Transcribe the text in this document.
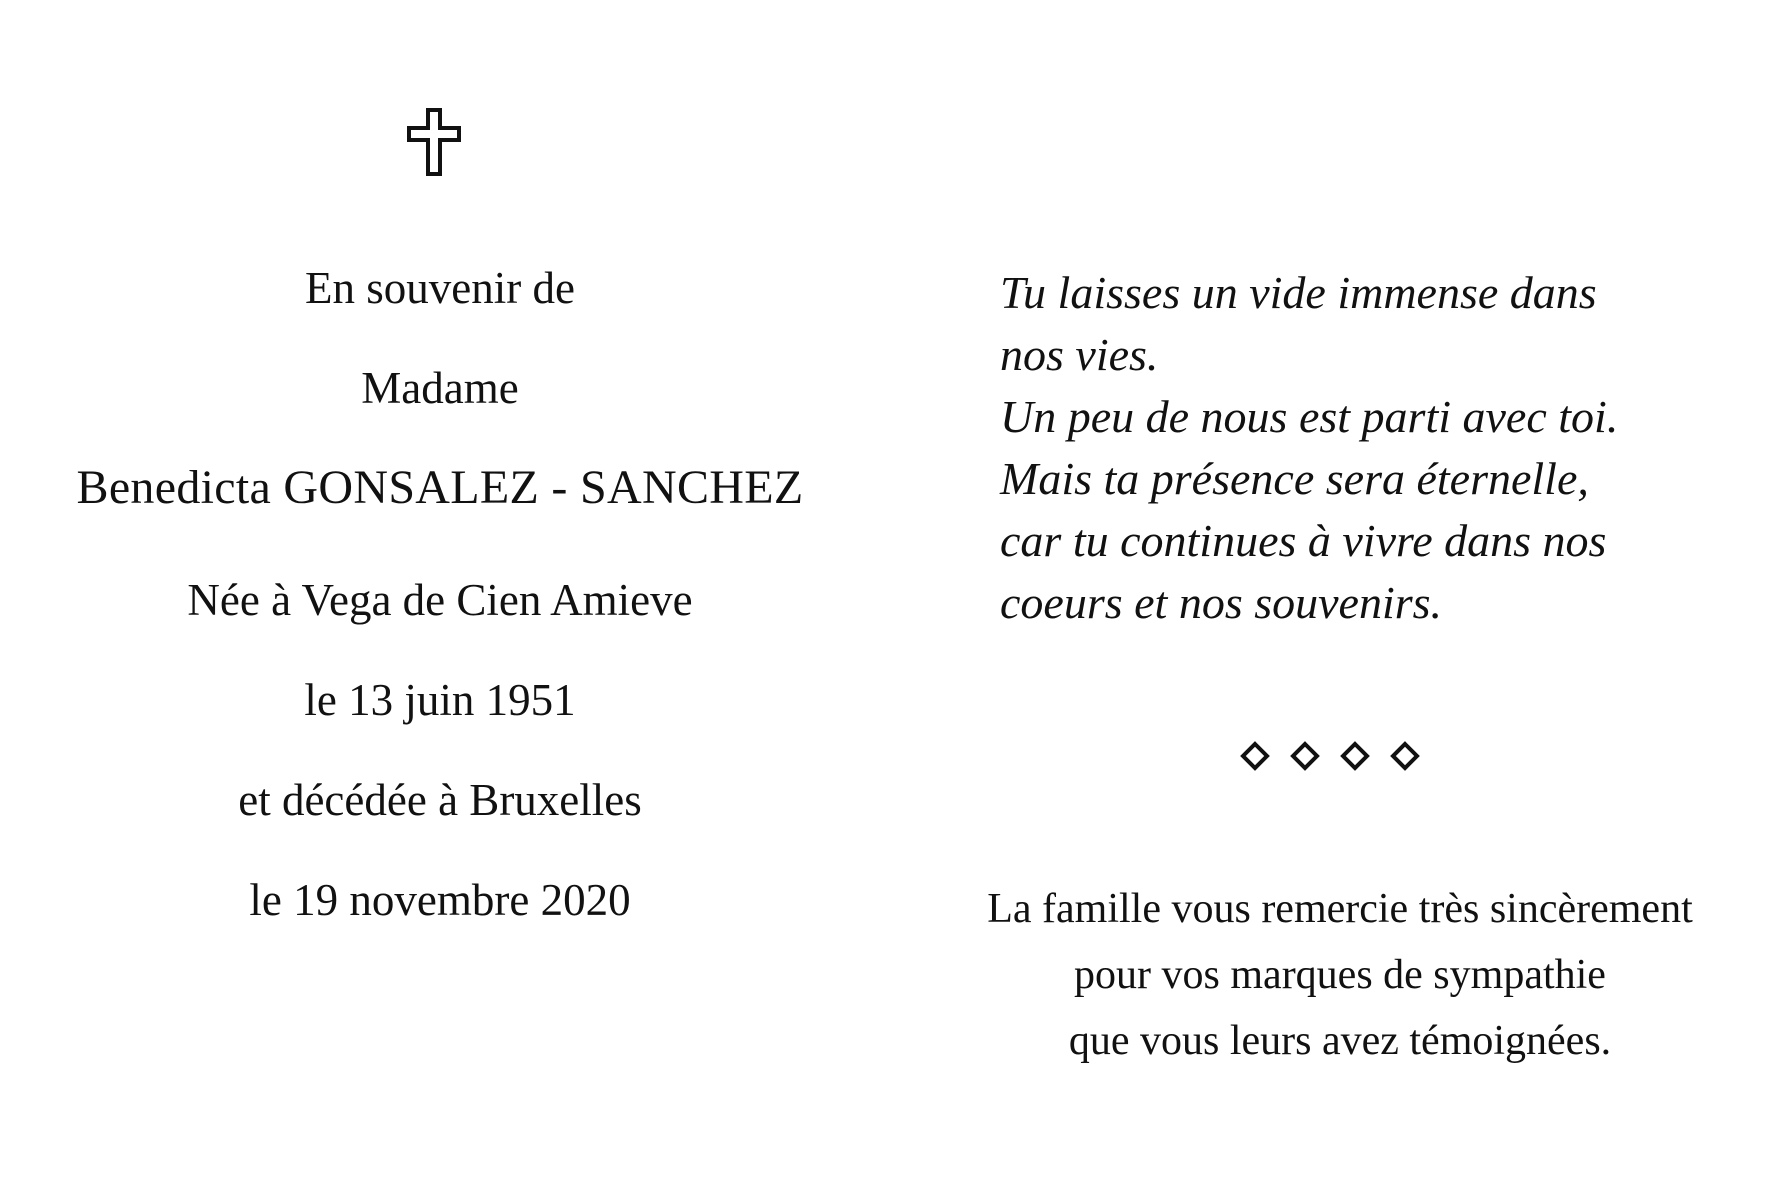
En souvenir de
Madame
Benedicta GONSALEZ - SANCHEZ
Née à Vega de Cien Amieve
le 13 juin 1951
et décédée à Bruxelles
le 19 novembre 2020
Tu laisses un vide immense dans
nos vies.
Un peu de nous est parti avec toi.
Mais ta présence sera éternelle,
car tu continues à vivre dans nos
coeurs et nos souvenirs.
La famille vous remercie très sincèrement
pour vos marques de sympathie
que vous leurs avez témoignées.
